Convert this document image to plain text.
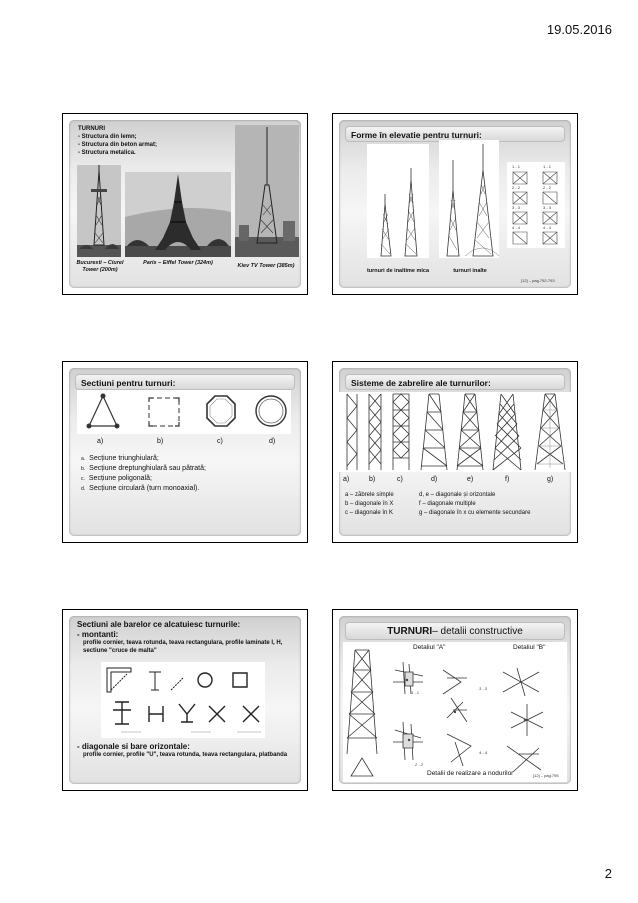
19.05.2016
TURNURI
- Structura din lemn;
- Structura din beton armat;
- Structura metalica.
Bucuresti – Ciurel Tower (200m)
Paris – Eiffel Tower (324m)	Kiev TV Tower (385m)
Forme în elevatie pentru turnuri:
1 - 1	1 - 1
2 - 2	2 - 2
3 - 3	3 - 3
4 - 4	4 - 4
turnuri de inaltime mica	turnuri inalte
[12] – pag.792-793
Sectiuni pentru turnuri:
a)	b)	c)	d)
a. Secțiune triunghiulară;
b. Secțiune dreptunghiulară sau pătrată;
c. Secțiune poligonală;
d. Secțiune circulară (turn monoaxial).
Sisteme de zabrelire ale turnurilor:
a)	b)	c)	d)	e)	f)	g)
a – zăbrele simple
b – diagonale în X
c – diagonale în K
d, e – diagonale și orizontale
f – diagonale multiple
g – diagonale în x cu elemente secundare
Sectiuni ale barelor ce alcatuiesc turnurile:
- montanti:
profile cornier, teava rotunda, teava rectangulara, profile laminate I, H, sectiune "cruce de malta"
- diagonale si bare orizontale:
profile cornier, profile "U", teava rotunda, teava rectangulara, platbanda
TURNURI– detalii constructive
Detaliul "A"	Detaliul "B"
1 - 1
2 - 2
3 - 3
4 - 4
Detalii de realizare a nodurilor	[12] – pag.795
2
